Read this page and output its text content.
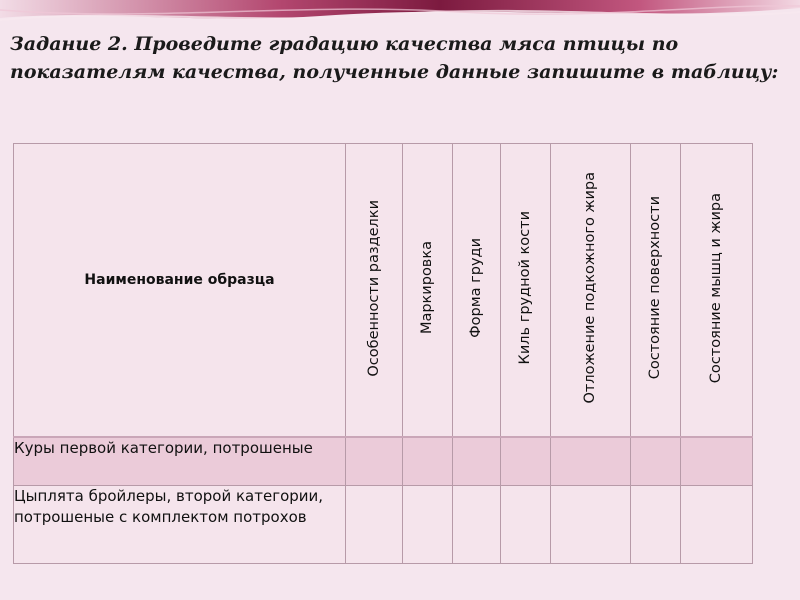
Задание 2. Проведите градацию качества мяса птицы по показателям качества, полученные данные запишите в таблицу:
Наименование образца	Особенности разделки	Маркировка	Форма груди	Киль грудной кости	Отложение подкожного жира	Состояние поверхности	Состояние мышц и жира
Куры первой категории, потрошеные							
Цыплята бройлеры, второй категории, потрошеные с комплектом потрохов							
